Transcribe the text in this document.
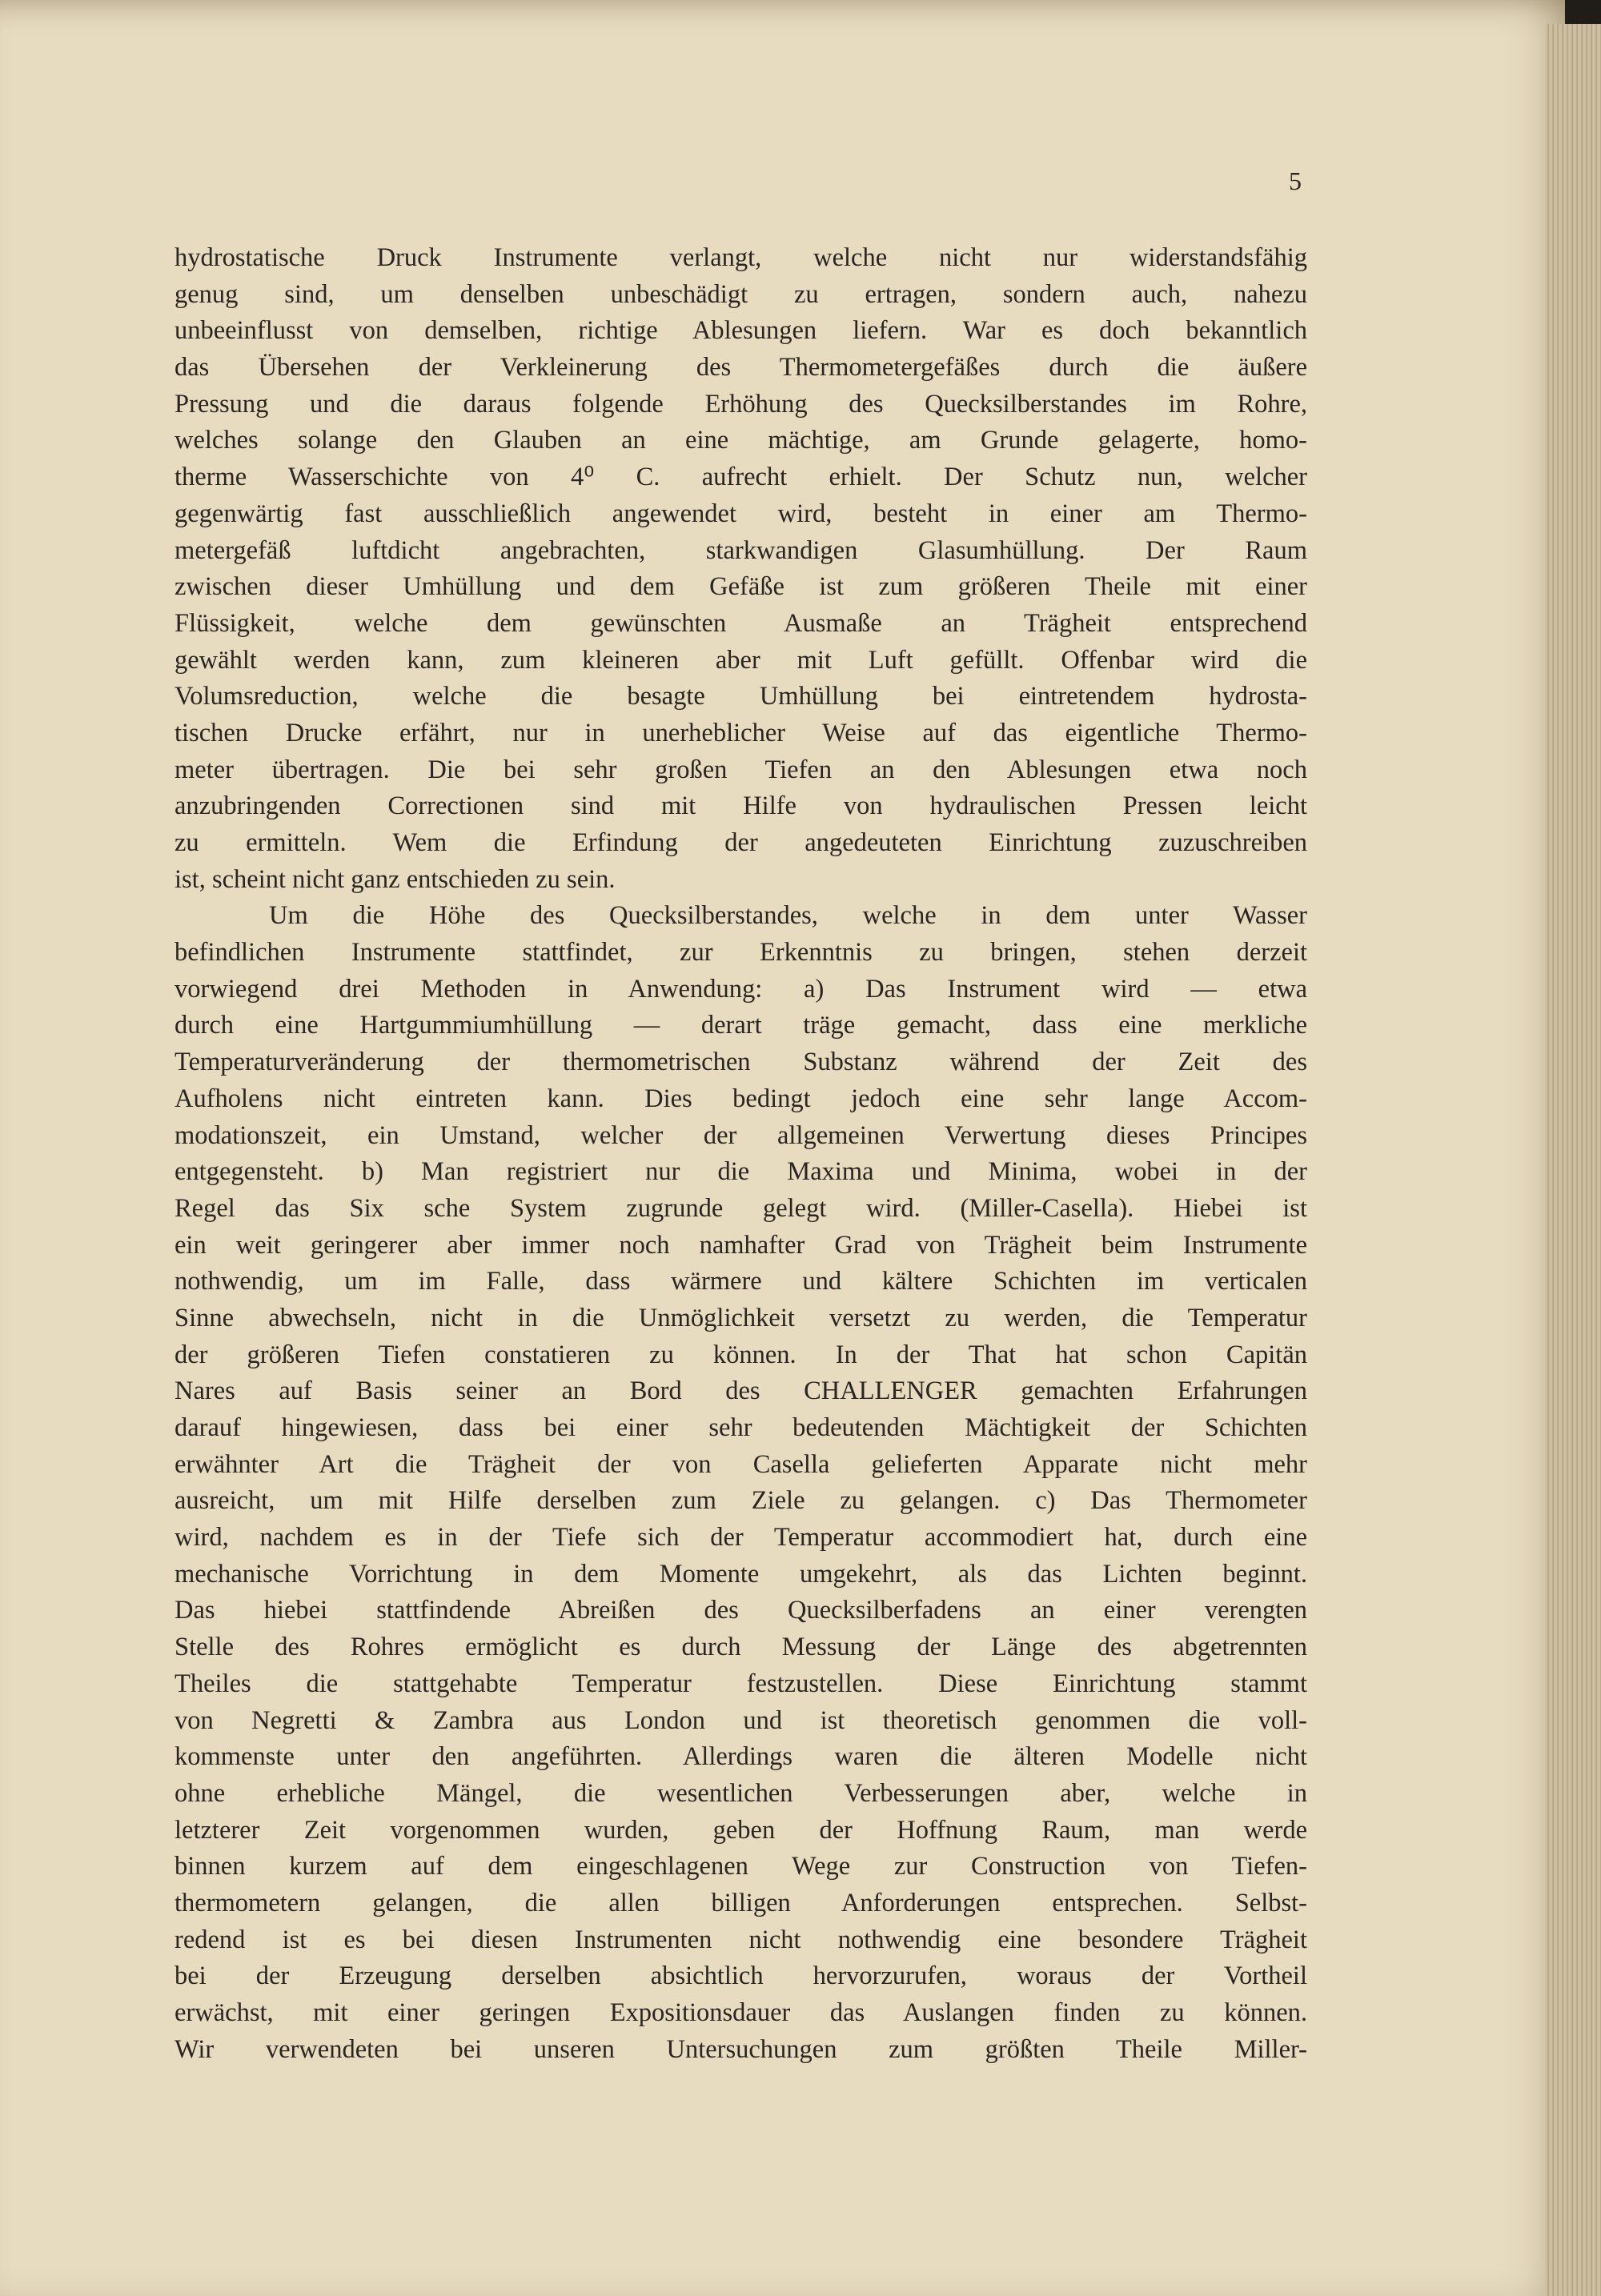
5
hydrostatische Druck Instrumente verlangt, welche nicht nur widerstandsfähig
genug sind, um denselben unbeschädigt zu ertragen, sondern auch, nahezu
unbeeinflusst von demselben, richtige Ablesungen liefern. War es doch bekanntlich
das Übersehen der Verkleinerung des Thermometergefäßes durch die äußere
Pressung und die daraus folgende Erhöhung des Quecksilberstandes im Rohre,
welches solange den Glauben an eine mächtige, am Grunde gelagerte, homo-
therme Wasserschichte von 4⁰ C. aufrecht erhielt. Der Schutz nun, welcher
gegenwärtig fast ausschließlich angewendet wird, besteht in einer am Thermo-
metergefäß luftdicht angebrachten, starkwandigen Glasumhüllung. Der Raum
zwischen dieser Umhüllung und dem Gefäße ist zum größeren Theile mit einer
Flüssigkeit, welche dem gewünschten Ausmaße an Trägheit entsprechend
gewählt werden kann, zum kleineren aber mit Luft gefüllt. Offenbar wird die
Volumsreduction, welche die besagte Umhüllung bei eintretendem hydrosta-
tischen Drucke erfährt, nur in unerheblicher Weise auf das eigentliche Thermo-
meter übertragen. Die bei sehr großen Tiefen an den Ablesungen etwa noch
anzubringenden Correctionen sind mit Hilfe von hydraulischen Pressen leicht
zu ermitteln. Wem die Erfindung der angedeuteten Einrichtung zuzuschreiben
ist, scheint nicht ganz entschieden zu sein.
Um die Höhe des Quecksilberstandes, welche in dem unter Wasser
befindlichen Instrumente stattfindet, zur Erkenntnis zu bringen, stehen derzeit
vorwiegend drei Methoden in Anwendung: a) Das Instrument wird — etwa
durch eine Hartgummiumhüllung — derart träge gemacht, dass eine merkliche
Temperaturveränderung der thermometrischen Substanz während der Zeit des
Aufholens nicht eintreten kann. Dies bedingt jedoch eine sehr lange Accom-
modationszeit, ein Umstand, welcher der allgemeinen Verwertung dieses Principes
entgegensteht. b) Man registriert nur die Maxima und Minima, wobei in der
Regel das Six sche System zugrunde gelegt wird. (Miller-Casella). Hiebei ist
ein weit geringerer aber immer noch namhafter Grad von Trägheit beim Instrumente
nothwendig, um im Falle, dass wärmere und kältere Schichten im verticalen
Sinne abwechseln, nicht in die Unmöglichkeit versetzt zu werden, die Temperatur
der größeren Tiefen constatieren zu können. In der That hat schon Capitän
Nares auf Basis seiner an Bord des CHALLENGER gemachten Erfahrungen
darauf hingewiesen, dass bei einer sehr bedeutenden Mächtigkeit der Schichten
erwähnter Art die Trägheit der von Casella gelieferten Apparate nicht mehr
ausreicht, um mit Hilfe derselben zum Ziele zu gelangen. c) Das Thermometer
wird, nachdem es in der Tiefe sich der Temperatur accommodiert hat, durch eine
mechanische Vorrichtung in dem Momente umgekehrt, als das Lichten beginnt.
Das hiebei stattfindende Abreißen des Quecksilberfadens an einer verengten
Stelle des Rohres ermöglicht es durch Messung der Länge des abgetrennten
Theiles die stattgehabte Temperatur festzustellen. Diese Einrichtung stammt
von Negretti & Zambra aus London und ist theoretisch genommen die voll-
kommenste unter den angeführten. Allerdings waren die älteren Modelle nicht
ohne erhebliche Mängel, die wesentlichen Verbesserungen aber, welche in
letzterer Zeit vorgenommen wurden, geben der Hoffnung Raum, man werde
binnen kurzem auf dem eingeschlagenen Wege zur Construction von Tiefen-
thermometern gelangen, die allen billigen Anforderungen entsprechen. Selbst-
redend ist es bei diesen Instrumenten nicht nothwendig eine besondere Trägheit
bei der Erzeugung derselben absichtlich hervorzurufen, woraus der Vortheil
erwächst, mit einer geringen Expositionsdauer das Auslangen finden zu können.
Wir verwendeten bei unseren Untersuchungen zum größten Theile Miller-
